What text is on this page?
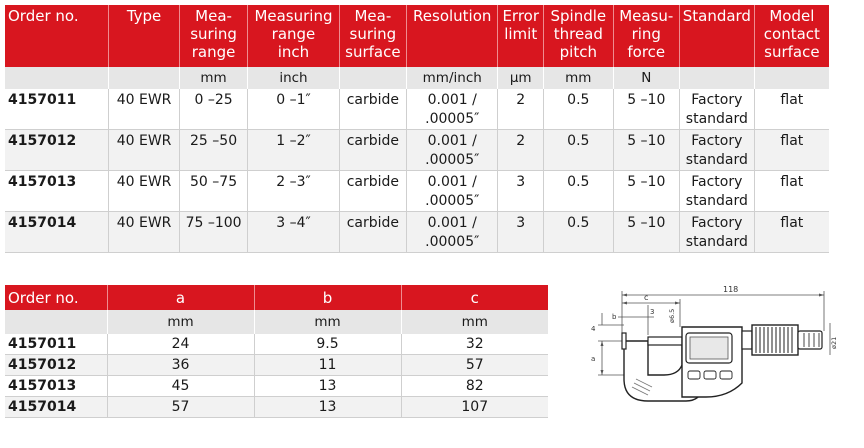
Order no.	Type	Mea-
suring
range	Measuring
range
inch	Mea-
suring
surface	Resolution	Error
limit	Spindle
thread
pitch	Measu-
ring
force	Standard	Model
contact
surface
		mm	inch		mm/inch	µm	mm	N		
4157011	40 EWR	0 –25	0 –1″	carbide	0.001 /
.00005″	2	0.5	5 –10	Factory
standard	flat
4157012	40 EWR	25 –50	1 –2″	carbide	0.001 /
.00005″	2	0.5	5 –10	Factory
standard	flat
4157013	40 EWR	50 –75	2 –3″	carbide	0.001 /
.00005″	3	0.5	5 –10	Factory
standard	flat
4157014	40 EWR	75 –100	3 –4″	carbide	0.001 /
.00005″	3	0.5	5 –10	Factory
standard	flat
Order no.	a	b	c
	mm	mm	mm
4157011	24	9.5	32
4157012	36	11	57
4157013	45	13	82
4157014	57	13	107
118
c
b
3
a
4
ø6.5
ø21
